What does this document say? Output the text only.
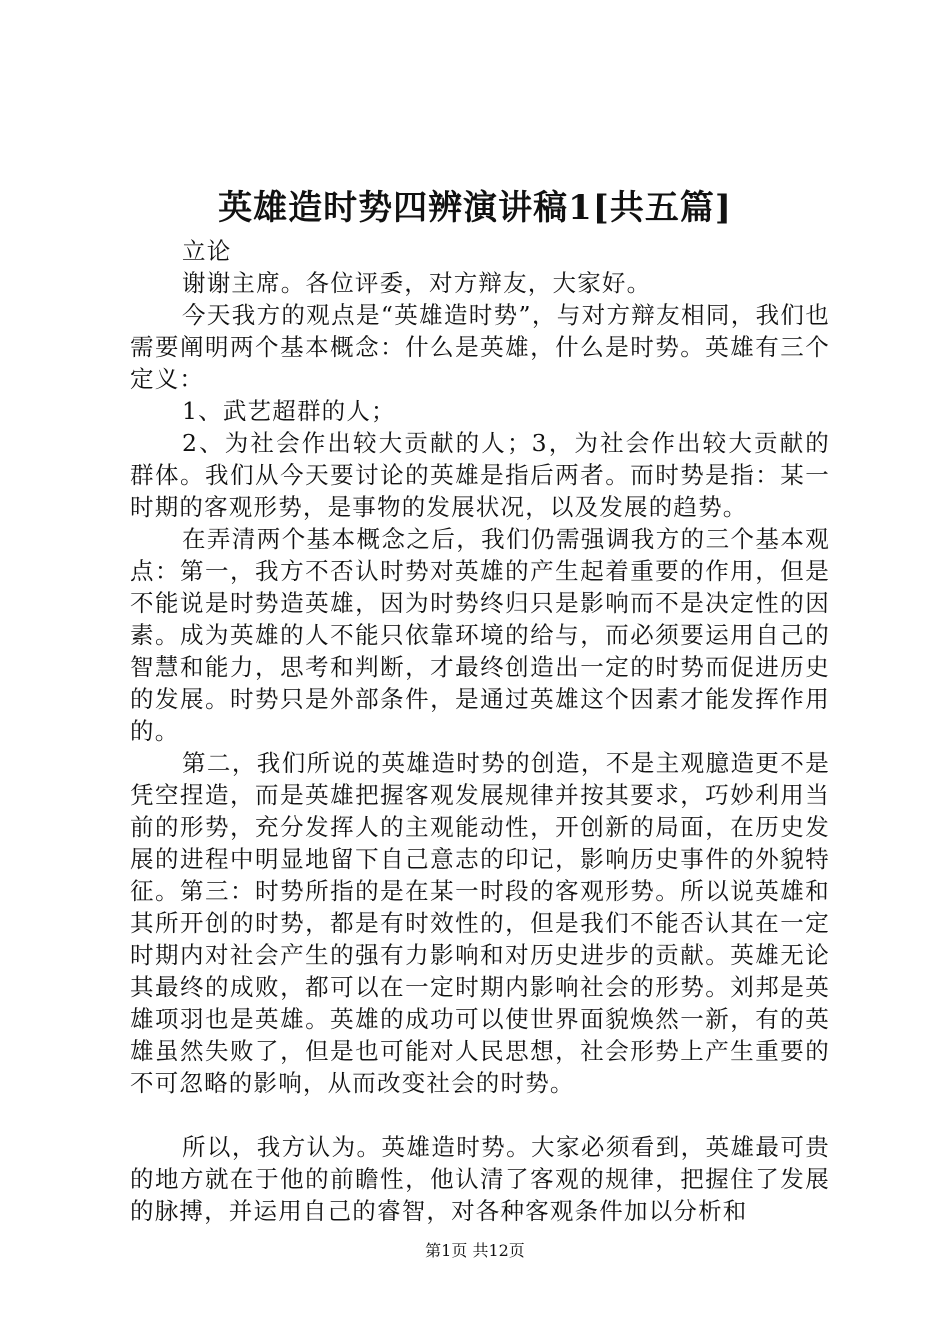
英雄造时势四辨演讲稿1[共五篇]

立论

谢谢主席。各位评委，对方辩友，大家好。

今天我方的观点是“英雄造时势”，与对方辩友相同，我们也需要阐明两个基本概念：什么是英雄，什么是时势。英雄有三个定义：

1、武艺超群的人；

2、为社会作出较大贡献的人；3，为社会作出较大贡献的群体。我们从今天要讨论的英雄是指后两者。而时势是指：某一时期的客观形势，是事物的发展状况，以及发展的趋势。

在弄清两个基本概念之后，我们仍需强调我方的三个基本观点：第一，我方不否认时势对英雄的产生起着重要的作用，但是不能说是时势造英雄，因为时势终归只是影响而不是决定性的因素。成为英雄的人不能只依靠环境的给与，而必须要运用自己的智慧和能力，思考和判断，才最终创造出一定的时势而促进历史的发展。时势只是外部条件，是通过英雄这个因素才能发挥作用的。

第二，我们所说的英雄造时势的创造，不是主观臆造更不是凭空捏造，而是英雄把握客观发展规律并按其要求，巧妙利用当前的形势，充分发挥人的主观能动性，开创新的局面，在历史发展的进程中明显地留下自己意志的印记，影响历史事件的外貌特征。第三：时势所指的是在某一时段的客观形势。所以说英雄和其所开创的时势，都是有时效性的，但是我们不能否认其在一定时期内对社会产生的强有力影响和对历史进步的贡献。英雄无论其最终的成败，都可以在一定时期内影响社会的形势。刘邦是英雄项羽也是英雄。英雄的成功可以使世界面貌焕然一新，有的英雄虽然失败了，但是也可能对人民思想，社会形势上产生重要的不可忽略的影响，从而改变社会的时势。

所以，我方认为。英雄造时势。大家必须看到，英雄最可贵的地方就在于他的前瞻性，他认清了客观的规律，把握住了发展的脉搏，并运用自己的睿智，对各种客观条件加以分析和

第1页 共12页
